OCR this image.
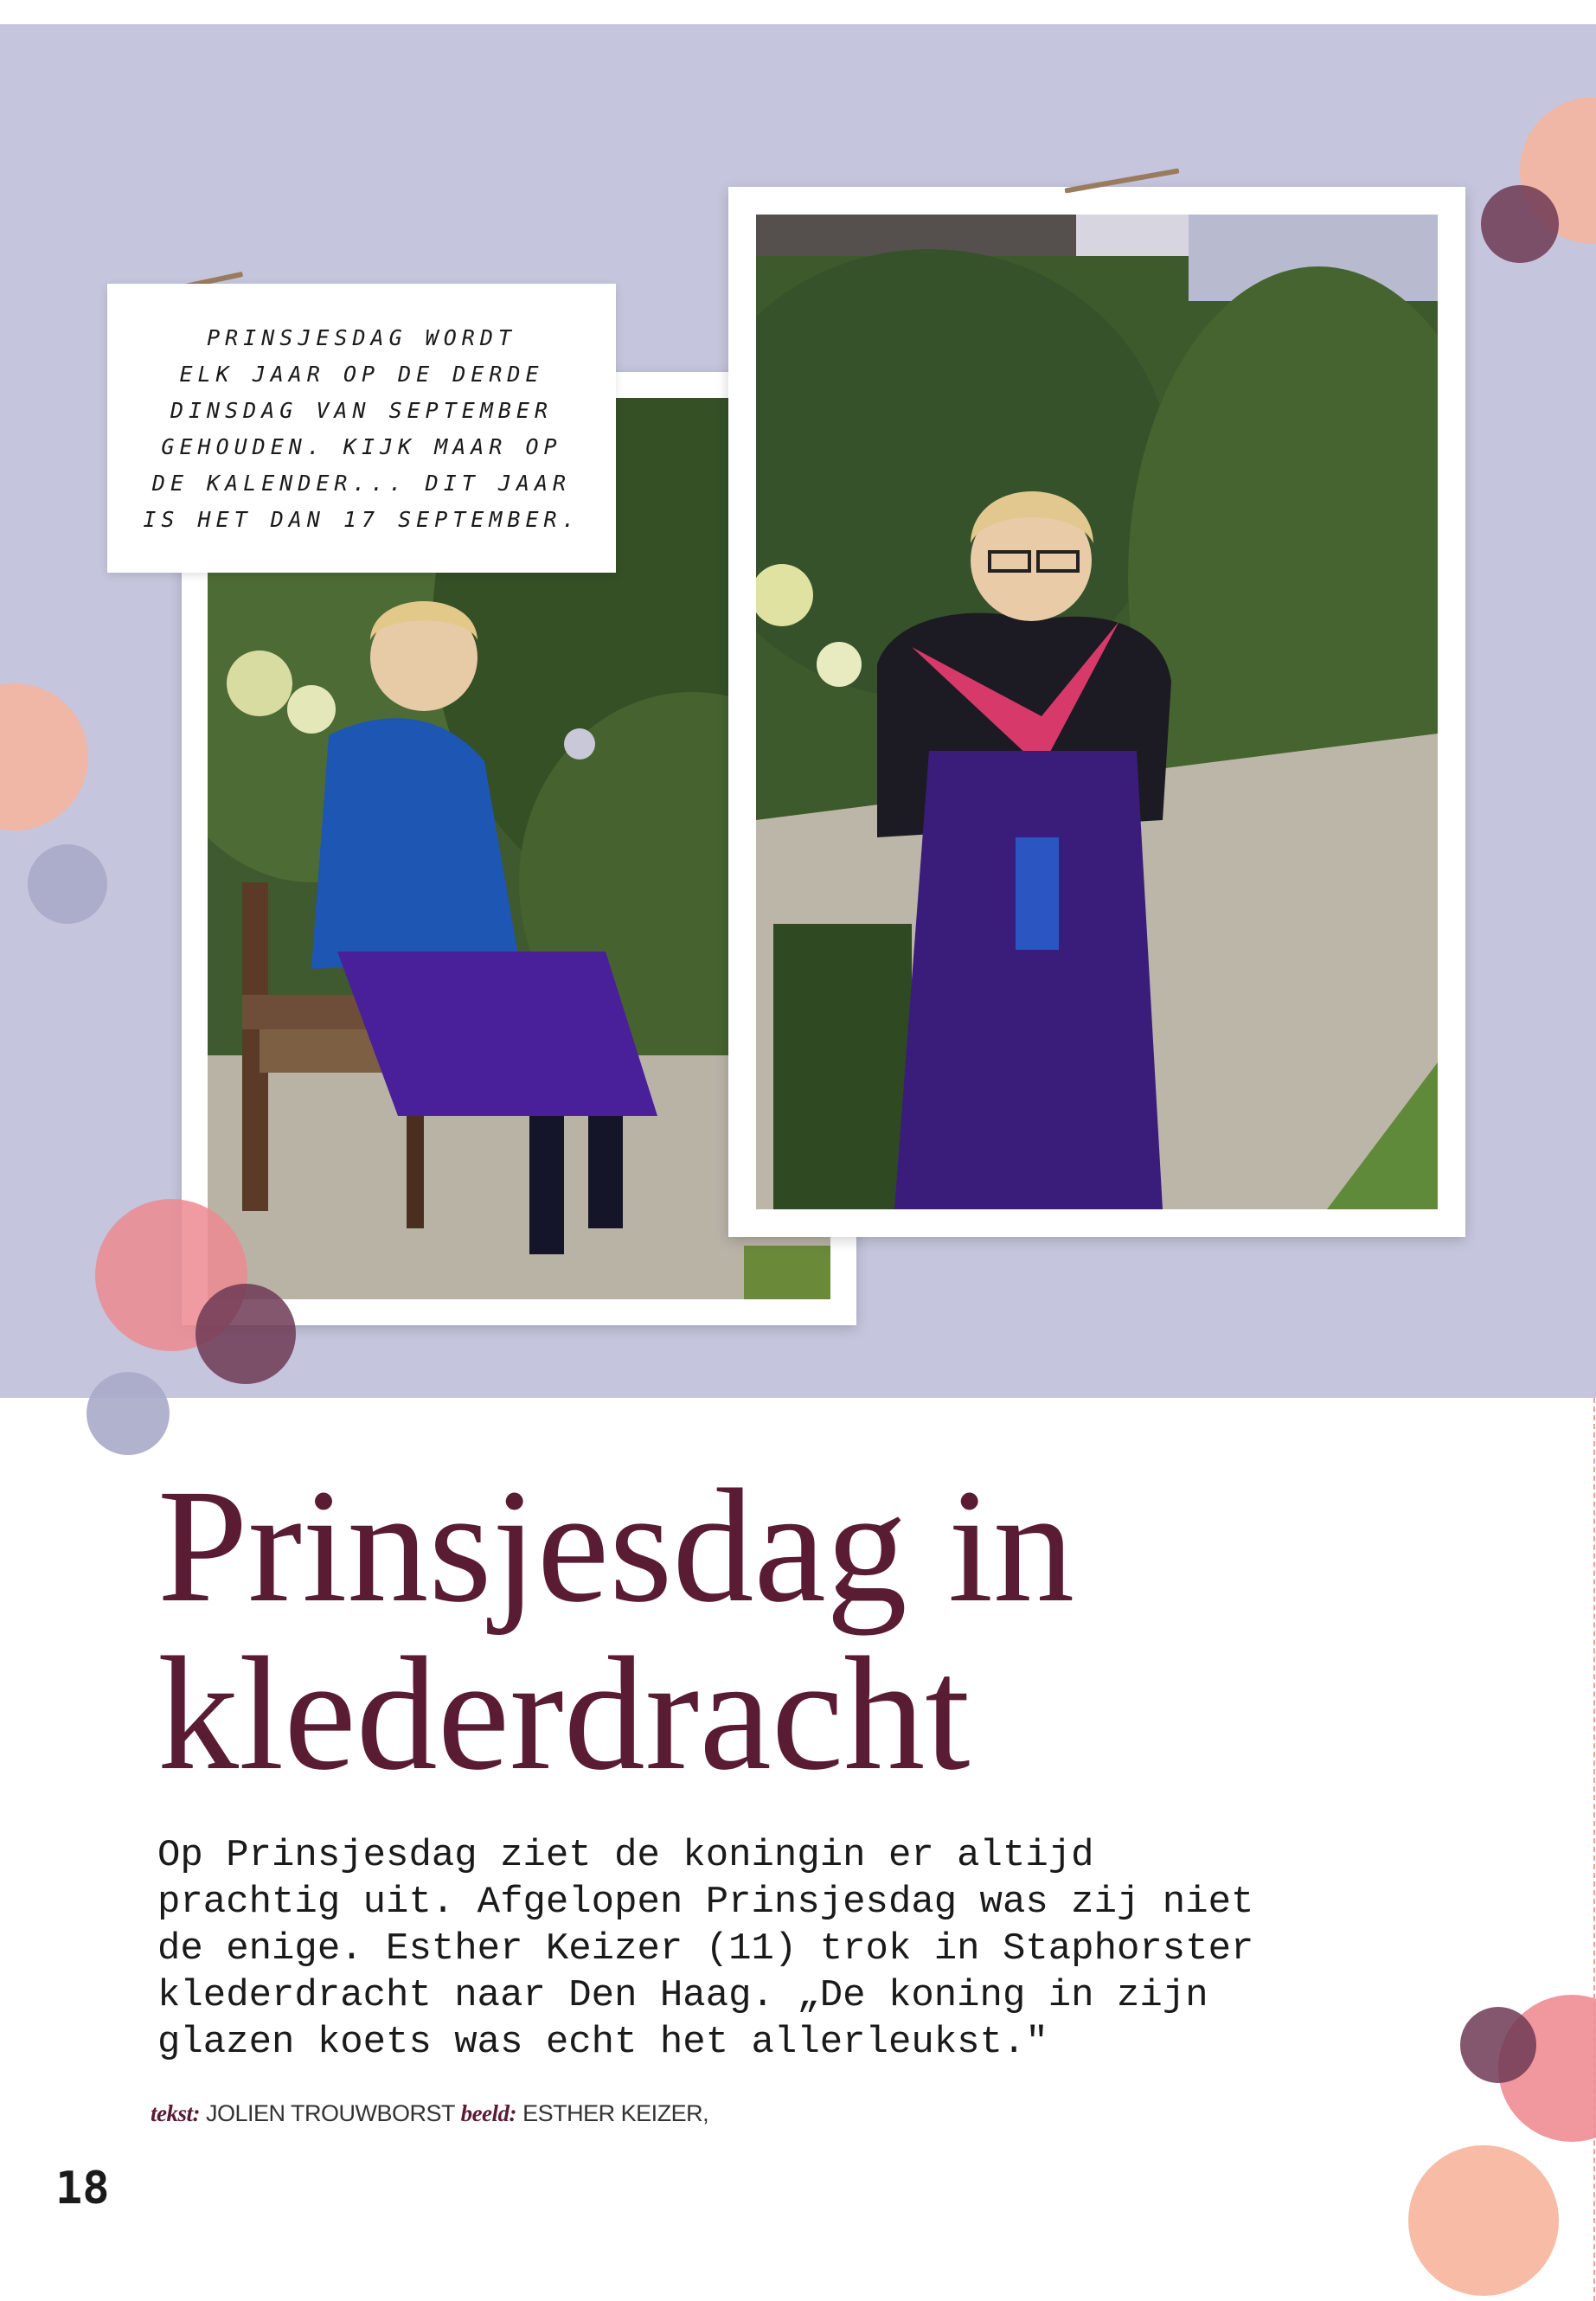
PRINSJESDAG WORDT
ELK JAAR OP DE DERDE
DINSDAG VAN SEPTEMBER
GEHOUDEN. KIJK MAAR OP
DE KALENDER... DIT JAAR
IS HET DAN 17 SEPTEMBER.
Prinsjesdag in
klederdracht
Op Prinsjesdag ziet de koningin er altijd
prachtig uit. Afgelopen Prinsjesdag was zij niet
de enige. Esther Keizer (11) trok in Staphorster
klederdracht naar Den Haag. „De koning in zijn
glazen koets was echt het allerleukst."
tekst: JOLIEN TROUWBORST beeld: ESTHER KEIZER,
18
